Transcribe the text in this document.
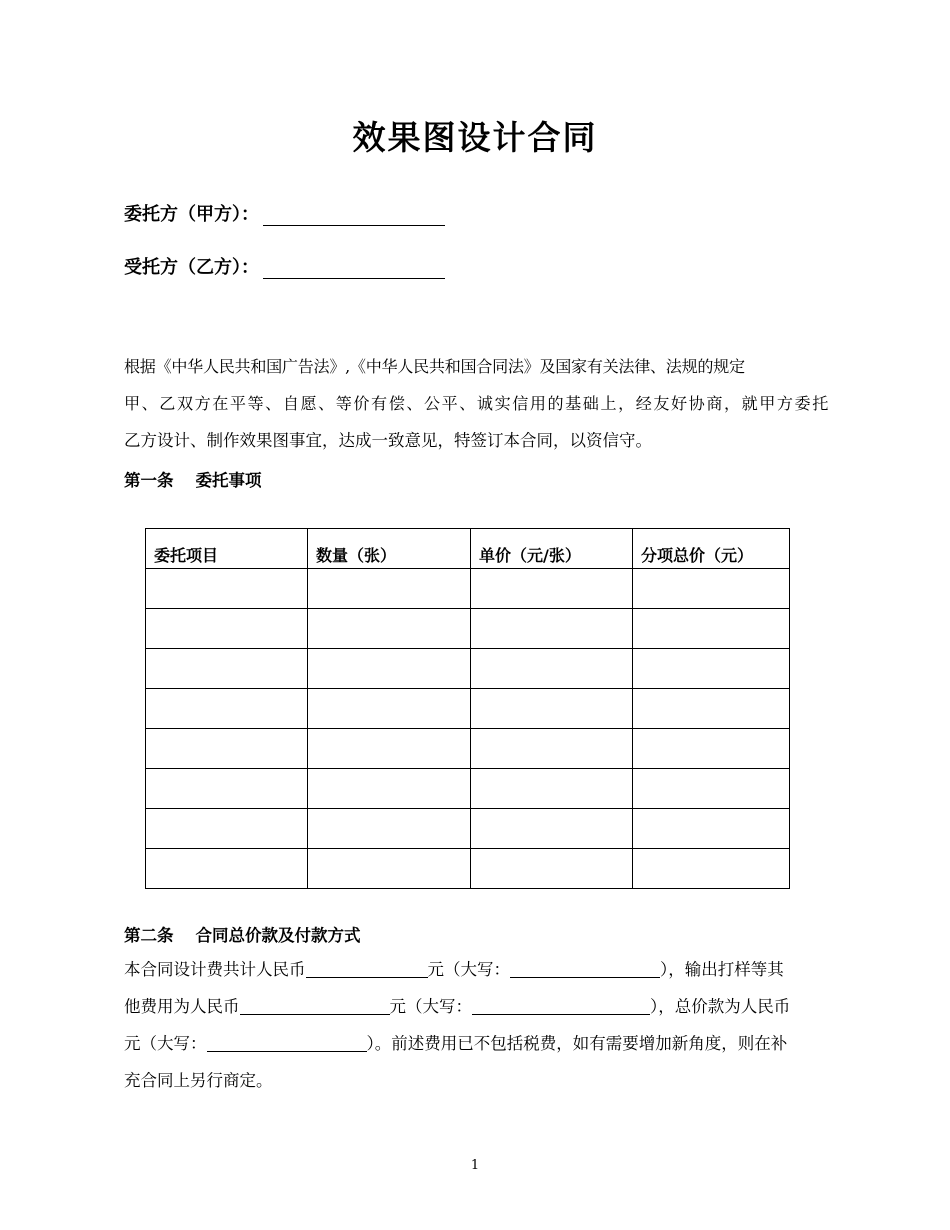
效果图设计合同
委托方（甲方）：
受托方（乙方）：
根据《中华人民共和国广告法》,《中华人民共和国合同法》及国家有关法律、法规的规定
甲、乙双方在平等、自愿、等价有偿、公平、诚实信用的基础上，经友好协商，就甲方委托
乙方设计、制作效果图事宜，达成一致意见，特签订本合同，以资信守。
第一条 委托事项
委托项目	数量（张）	单价（元/张）	分项总价（元）

第二条 合同总价款及付款方式
本合同设计费共计人民币	元（大写：	），输出打样等其
他费用为人民币	元（大写：	），总价款为人民币
元（大写：	）。前述费用已不包括税费，如有需要增加新角度，则在补
充合同上另行商定。
1
